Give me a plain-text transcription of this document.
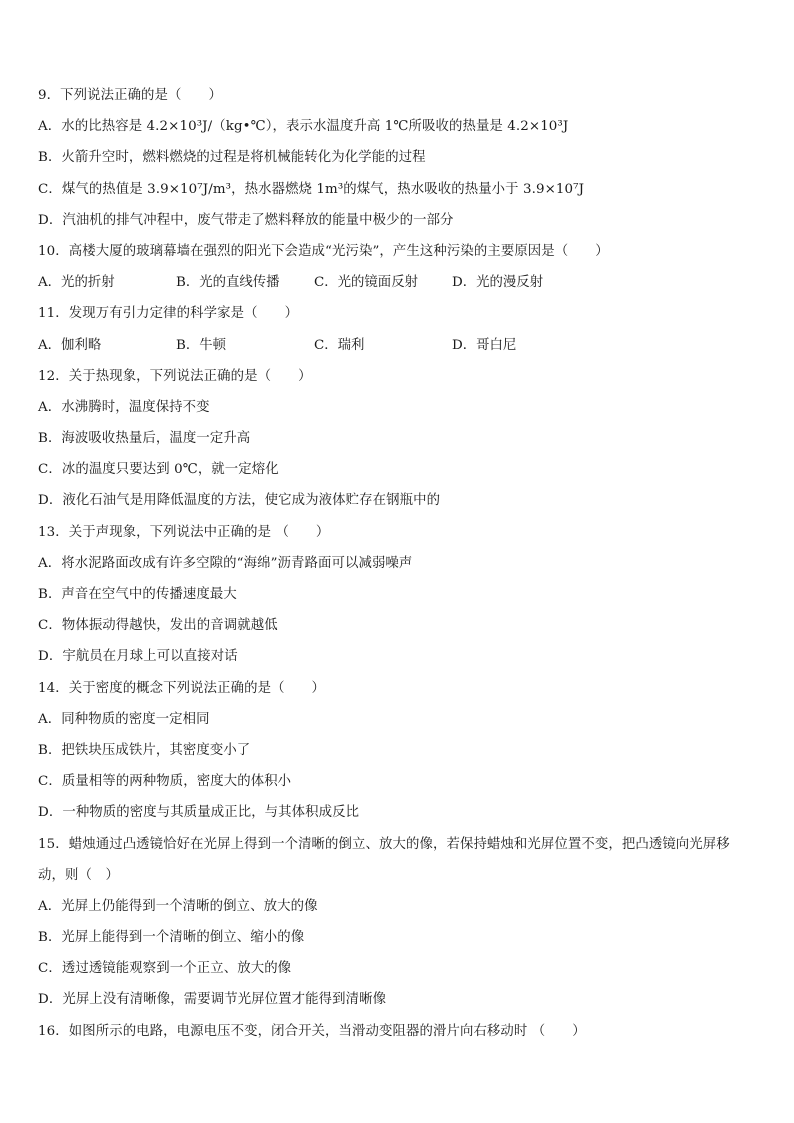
9．下列说法正确的是（　　）
A．水的比热容是 4.2×10³J/（kg•℃），表示水温度升高 1℃所吸收的热量是 4.2×10³J
B．火箭升空时，燃料燃烧的过程是将机械能转化为化学能的过程
C．煤气的热值是 3.9×10⁷J/m³，热水器燃烧 1m³的煤气，热水吸收的热量小于 3.9×10⁷J
D．汽油机的排气冲程中，废气带走了燃料释放的能量中极少的一部分
10．高楼大厦的玻璃幕墙在强烈的阳光下会造成“光污染”，产生这种污染的主要原因是（　　）
A．光的折射	B．光的直线传播	C．光的镜面反射	D．光的漫反射
11．发现万有引力定律的科学家是（　　）
A．伽利略	B．牛顿	C．瑞利	D．哥白尼
12．关于热现象，下列说法正确的是（　　）
A．水沸腾时，温度保持不变
B．海波吸收热量后，温度一定升高
C．冰的温度只要达到 0℃，就一定熔化
D．液化石油气是用降低温度的方法，使它成为液体贮存在钢瓶中的
13．关于声现象，下列说法中正确的是 （　　）
A．将水泥路面改成有许多空隙的“海绵”沥青路面可以减弱噪声
B．声音在空气中的传播速度最大
C．物体振动得越快，发出的音调就越低
D．宇航员在月球上可以直接对话
14．关于密度的概念下列说法正确的是（　　）
A．同种物质的密度一定相同
B．把铁块压成铁片，其密度变小了
C．质量相等的两种物质，密度大的体积小
D．一种物质的密度与其质量成正比，与其体积成反比
15．蜡烛通过凸透镜恰好在光屏上得到一个清晰的倒立、放大的像，若保持蜡烛和光屏位置不变，把凸透镜向光屏移
动，则（　）
A．光屏上仍能得到一个清晰的倒立、放大的像
B．光屏上能得到一个清晰的倒立、缩小的像
C．透过透镜能观察到一个正立、放大的像
D．光屏上没有清晰像，需要调节光屏位置才能得到清晰像
16．如图所示的电路，电源电压不变，闭合开关，当滑动变阻器的滑片向右移动时 （　　）
